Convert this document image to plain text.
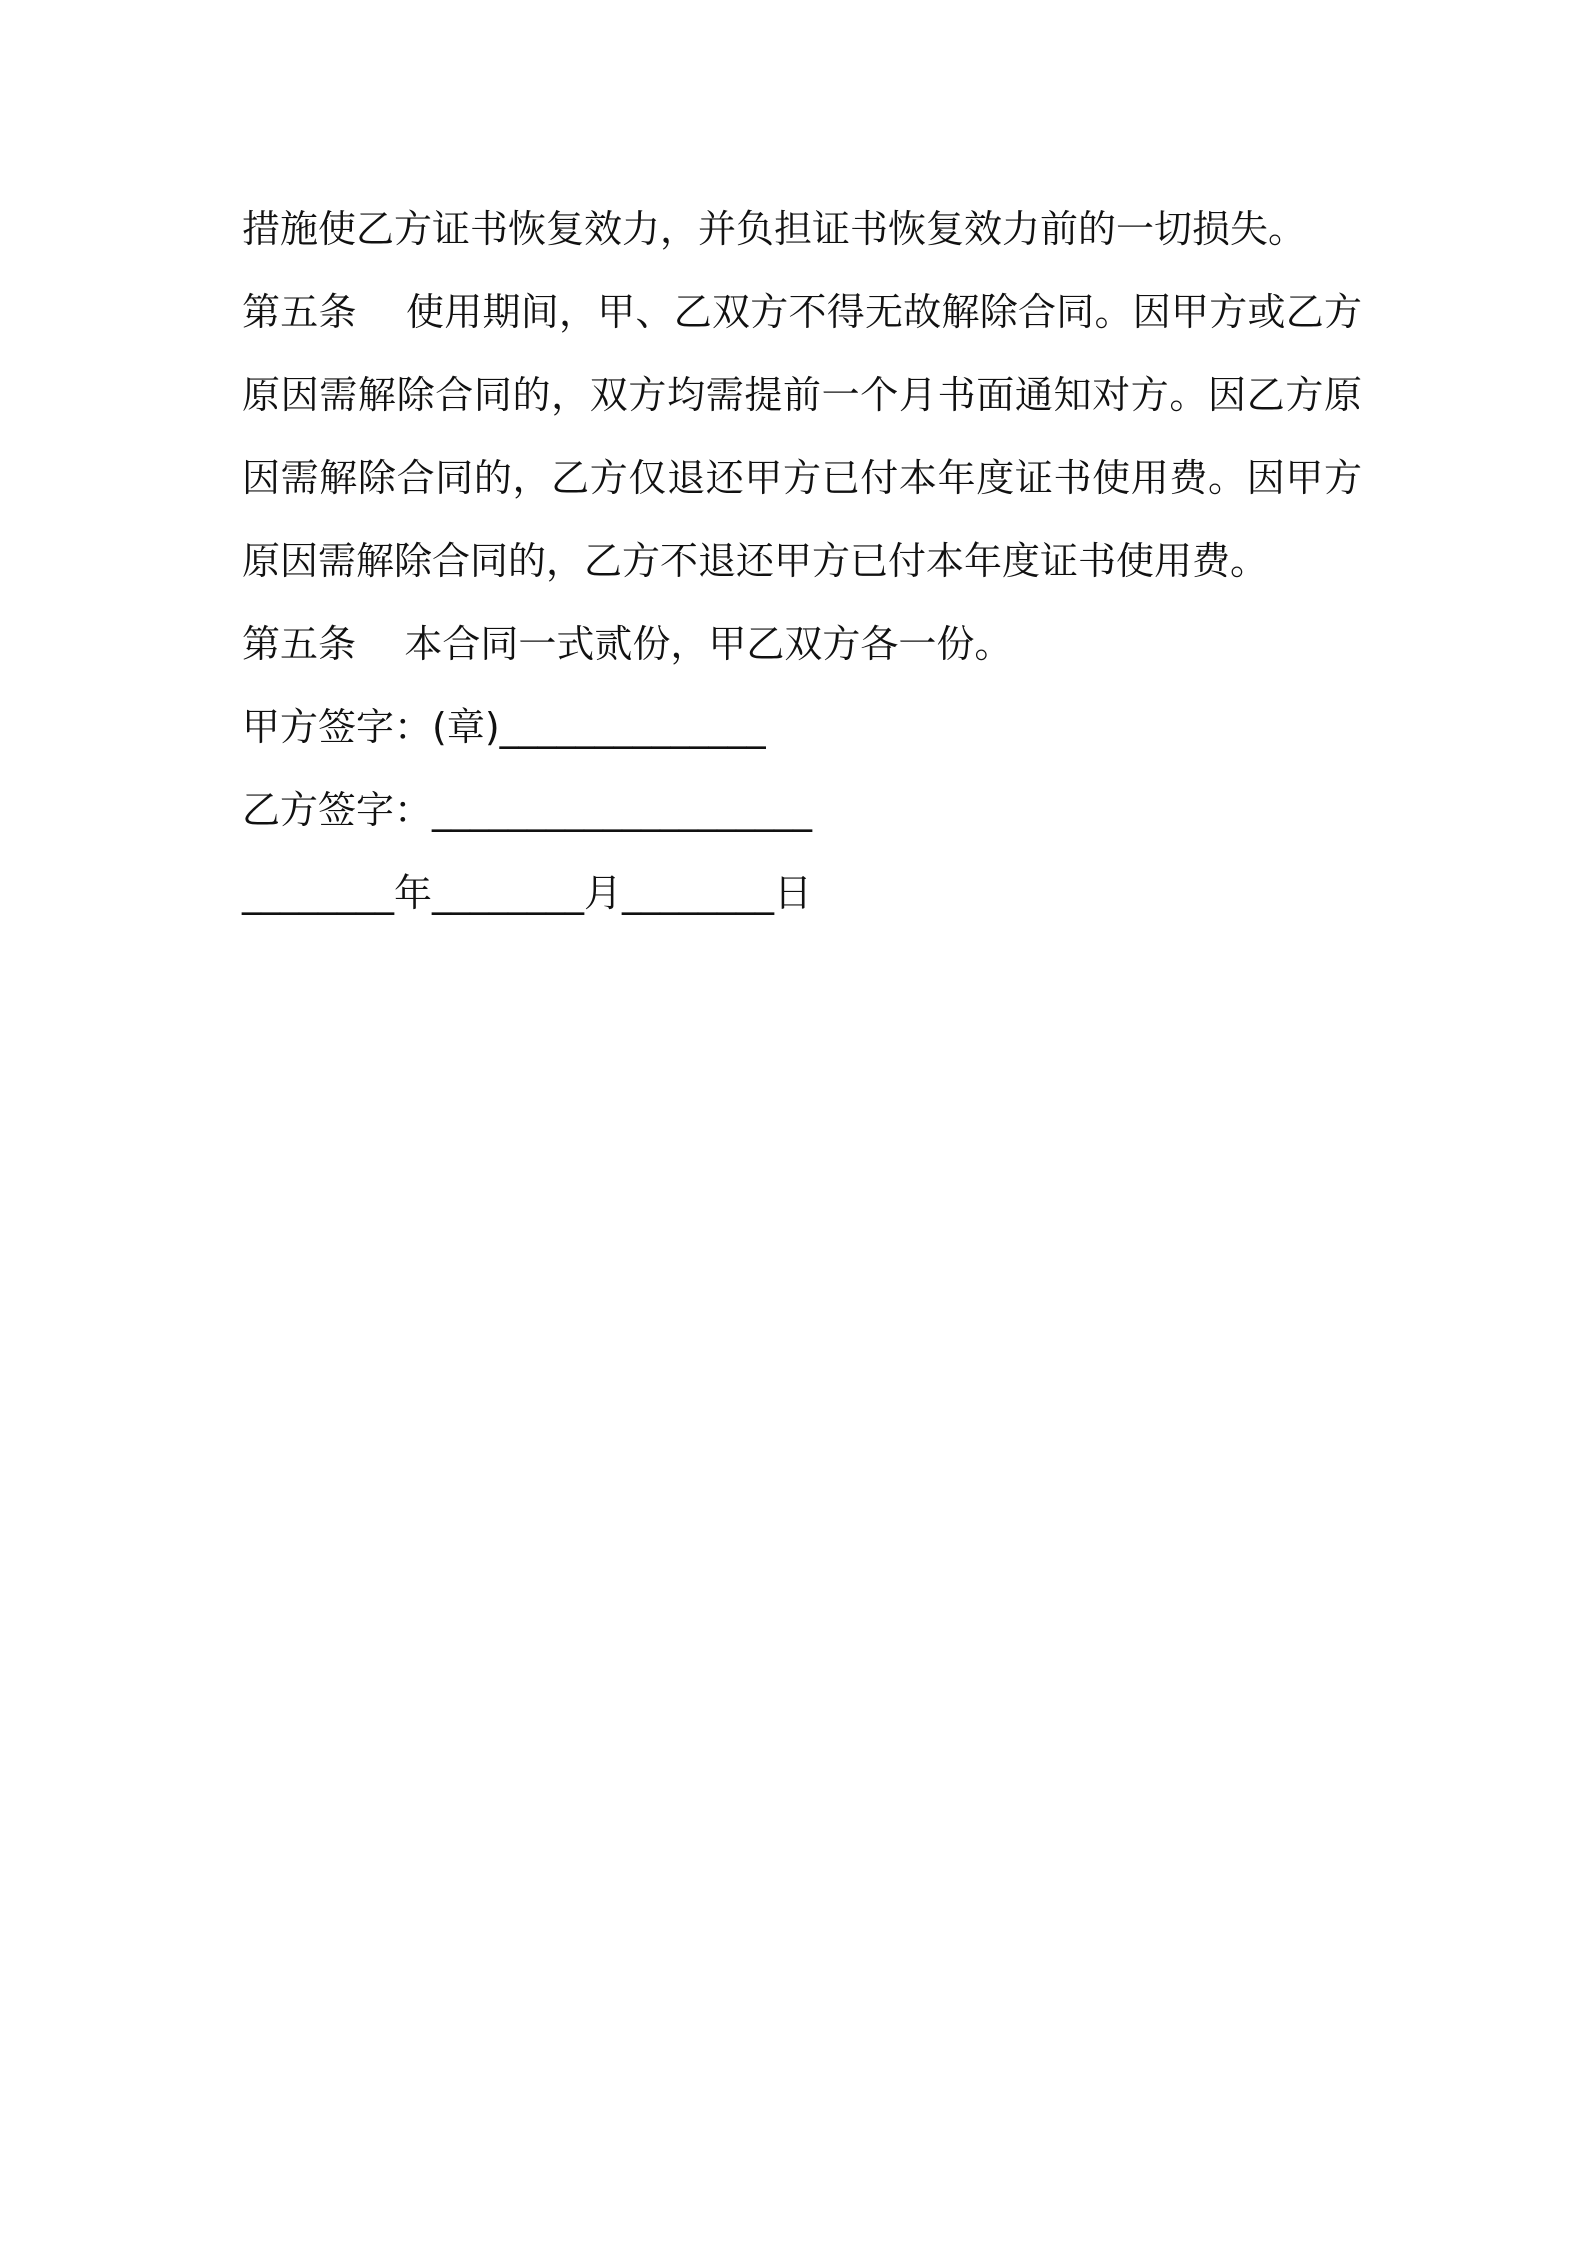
措施使乙方证书恢复效力，并负担证书恢复效力前的一切损失。

第五条    使用期间，甲、乙双方不得无故解除合同。因甲方或乙方原因需解除合同的，双方均需提前一个月书面通知对方。因乙方原因需解除合同的，乙方仅退还甲方已付本年度证书使用费。因甲方原因需解除合同的，乙方不退还甲方已付本年度证书使用费。

第五条    本合同一式贰份，甲乙双方各一份。

甲方签字：(章)______________

乙方签字：____________________

________年________月________日
